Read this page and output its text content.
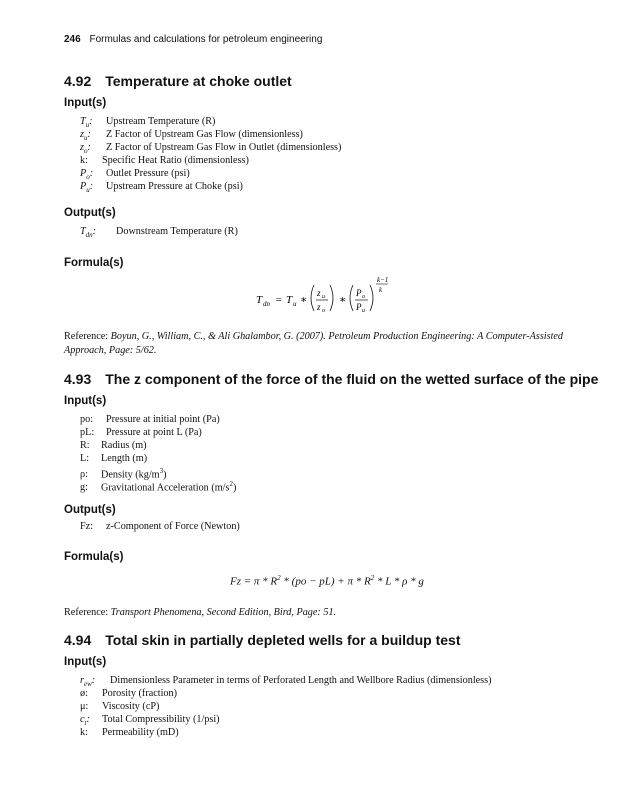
246 Formulas and calculations for petroleum engineering
4.92 Temperature at choke outlet
Input(s)
$T_u$: Upstream Temperature (R)
$z_u$: Z Factor of Upstream Gas Flow (dimensionless)
$z_o$: Z Factor of Upstream Gas Flow in Outlet (dimensionless)
k: Specific Heat Ratio (dimensionless)
$P_o$: Outlet Pressure (psi)
$P_u$: Upstream Pressure at Choke (psi)
Output(s)
$T_{dn}$: Downstream Temperature (R)
Formula(s)
T dn = T u ∗
z u
z o
∗
P o
P u
k −1
k
Reference: Boyun, G., William, C., & Ali Ghalambor, G. (2007). Petroleum Production Engineering: A Computer-Assisted Approach, Page: 5/62.
4.93 The z component of the force of the fluid on the wetted surface of the pipe
Input(s)
po: Pressure at initial point (Pa)
pL: Pressure at point L (Pa)
R: Radius (m)
L: Length (m)
ρ: Density $(kg/m^3)$
g: Gravitational Acceleration $(m/s^2)$
Output(s)
Fz: z-Component of Force (Newton)
Formula(s)
$Fz = \pi * R^2 * (po - pL) + \pi * R^2 * L * \rho * g$
Reference: Transport Phenomena, Second Edition, Bird, Page: 51.
4.94 Total skin in partially depleted wells for a buildup test
Input(s)
$r_{ew}$: Dimensionless Parameter in terms of Perforated Length and Wellbore Radius (dimensionless)
ø: Porosity (fraction)
μ: Viscosity (cP)
$c_t$: Total Compressibility (1/psi)
k: Permeability (mD)
